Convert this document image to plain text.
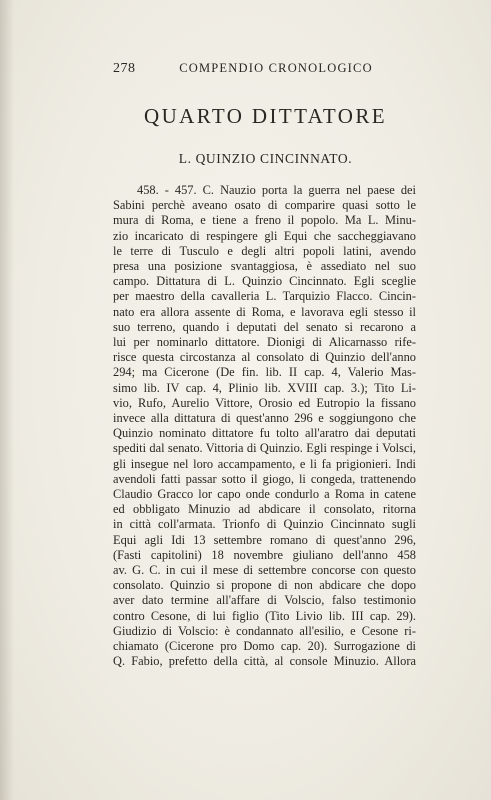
278	COMPENDIO CRONOLOGICO
QUARTO DITTATORE
L. QUINZIO CINCINNATO.
458. - 457. C. Nauzio porta la guerra nel paese dei
Sabini perchè aveano osato di comparire quasi sotto le
mura di Roma, e tiene a freno il popolo. Ma L. Minu-
zio incaricato di respingere gli Equi che saccheggiavano
le terre di Tusculo e degli altri popoli latini, avendo
presa una posizione svantaggiosa, è assediato nel suo
campo. Dittatura di L. Quinzio Cincinnato. Egli sceglie
per maestro della cavalleria L. Tarquizio Flacco. Cincin-
nato era allora assente di Roma, e lavorava egli stesso il
suo terreno, quando i deputati del senato si recarono a
lui per nominarlo dittatore. Dionigi di Alicarnasso rife-
risce questa circostanza al consolato di Quinzio dell'anno
294; ma Cicerone (De fin. lib. II cap. 4, Valerio Mas-
simo lib. IV cap. 4, Plinio lib. XVIII cap. 3.); Tito Li-
vio, Rufo, Aurelio Vittore, Orosio ed Eutropio la fissano
invece alla dittatura di quest'anno 296 e soggiungono che
Quinzio nominato dittatore fu tolto all'aratro dai deputati
spediti dal senato. Vittoria di Quinzio. Egli respinge i Volsci,
gli insegue nel loro accampamento, e li fa prigionieri. Indi
avendoli fatti passar sotto il giogo, li congeda, trattenendo
Claudio Gracco lor capo onde condurlo a Roma in catene
ed obbligato Minuzio ad abdicare il consolato, ritorna
in città coll'armata. Trionfo di Quinzio Cincinnato sugli
Equi agli Idi 13 settembre romano di quest'anno 296,
(Fasti capitolini) 18 novembre giuliano dell'anno 458
av. G. C. in cui il mese di settembre concorse con questo
consolato. Quinzio si propone di non abdicare che dopo
aver dato termine all'affare di Volscio, falso testimonio
contro Cesone, di lui figlio (Tito Livio lib. III cap. 29).
Giudizio di Volscio: è condannato all'esilio, e Cesone ri-
chiamato (Cicerone pro Domo cap. 20). Surrogazione di
Q. Fabio, prefetto della città, al console Minuzio. Allora
